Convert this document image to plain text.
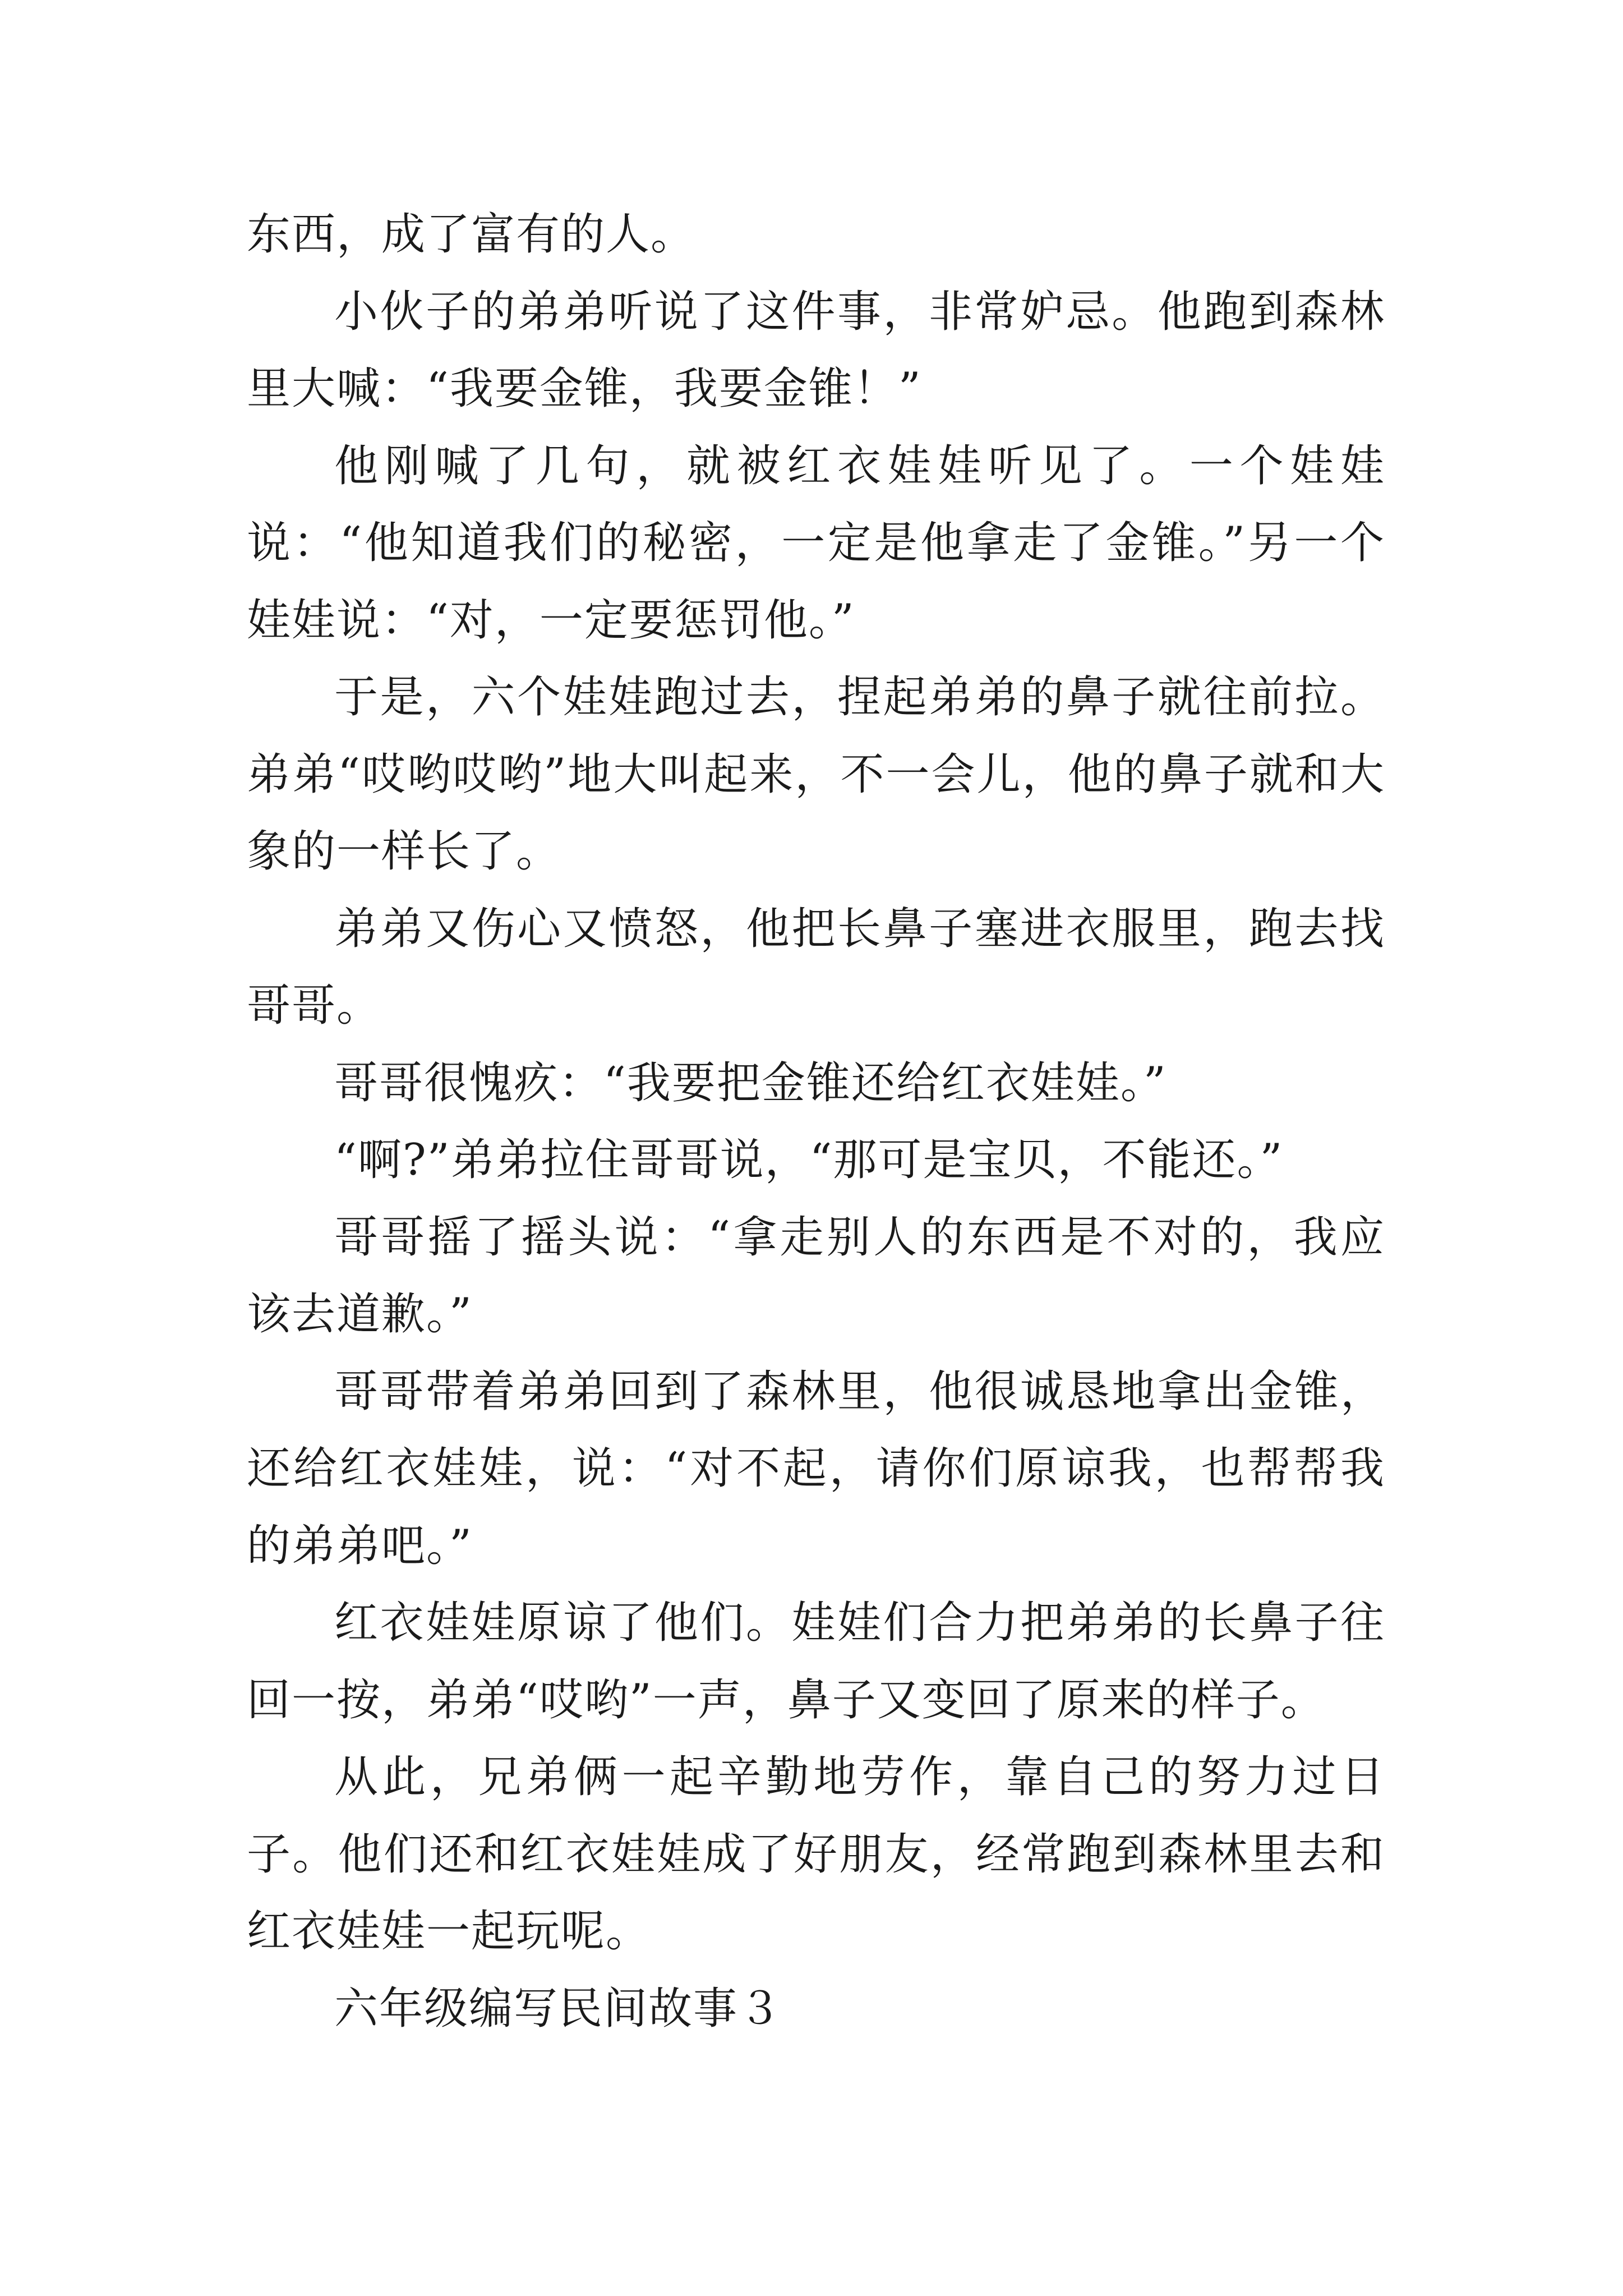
东西，成了富有的人。

小伙子的弟弟听说了这件事，非常妒忌。他跑到森林里大喊：“我要金锥，我要金锥！”

他刚喊了几句，就被红衣娃娃听见了。一个娃娃说：“他知道我们的秘密，一定是他拿走了金锥。”另一个娃娃说：“对，一定要惩罚他。”

于是，六个娃娃跑过去，捏起弟弟的鼻子就往前拉。弟弟“哎哟哎哟”地大叫起来，不一会儿，他的鼻子就和大象的一样长了。

弟弟又伤心又愤怒，他把长鼻子塞进衣服里，跑去找哥哥。

哥哥很愧疚：“我要把金锥还给红衣娃娃。”

“啊?”弟弟拉住哥哥说，“那可是宝贝，不能还。”

哥哥摇了摇头说：“拿走别人的东西是不对的，我应该去道歉。”

哥哥带着弟弟回到了森林里，他很诚恳地拿出金锥，还给红衣娃娃，说：“对不起，请你们原谅我，也帮帮我的弟弟吧。”

红衣娃娃原谅了他们。娃娃们合力把弟弟的长鼻子往回一按，弟弟“哎哟”一声，鼻子又变回了原来的样子。

从此，兄弟俩一起辛勤地劳作，靠自己的努力过日子。他们还和红衣娃娃成了好朋友，经常跑到森林里去和红衣娃娃一起玩呢。

六年级编写民间故事３
